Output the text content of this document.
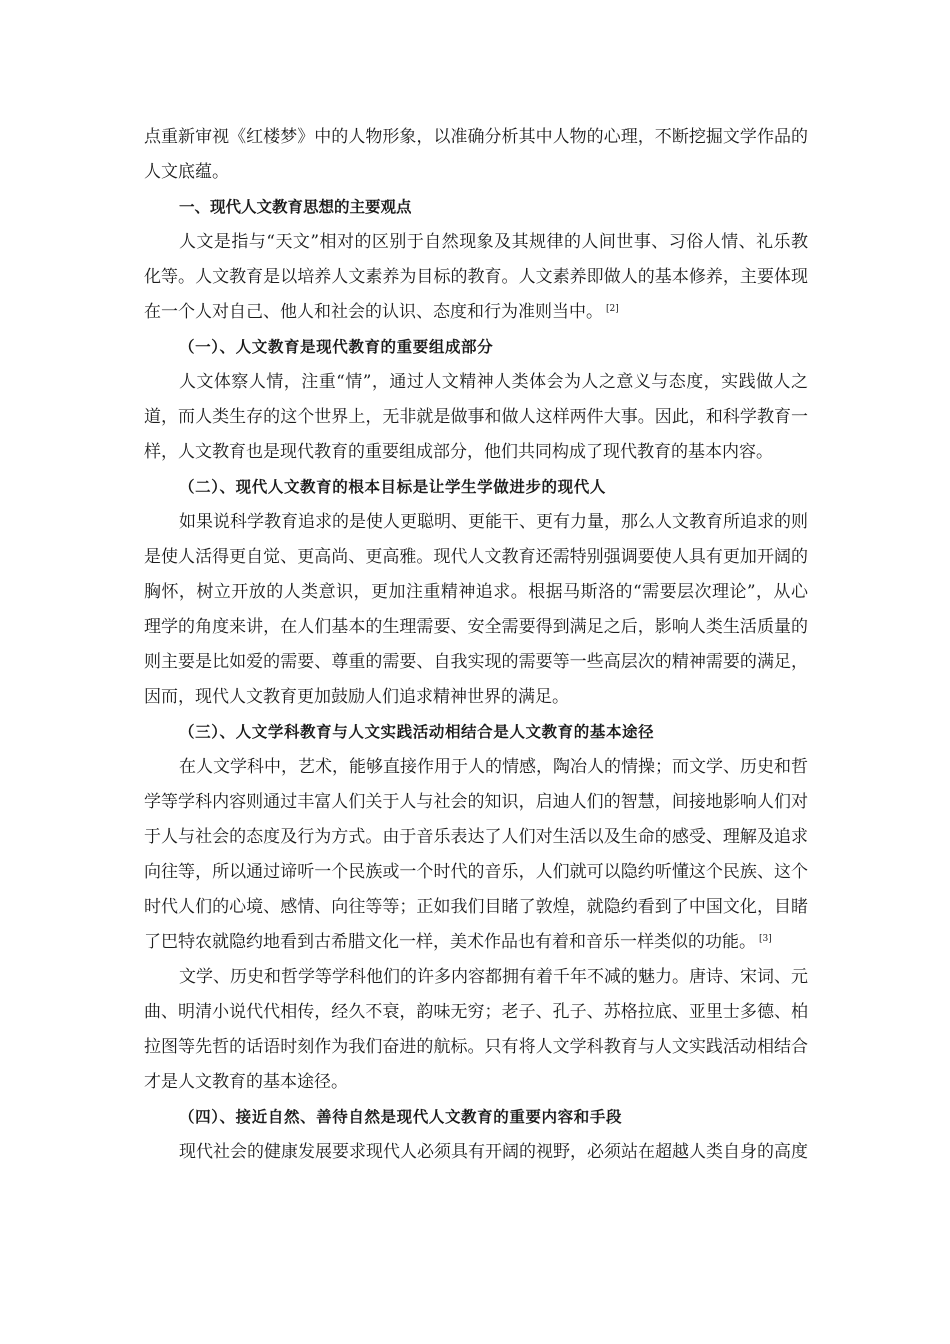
点重新审视《红楼梦》中的人物形象，以准确分析其中人物的心理，不断挖掘文学作品的
人文底蕴。
一、现代人文教育思想的主要观点
人文是指与“天文”相对的区别于自然现象及其规律的人间世事、习俗人情、礼乐教
化等。人文教育是以培养人文素养为目标的教育。人文素养即做人的基本修养，主要体现
在一个人对自己、他人和社会的认识、态度和行为准则当中。 [2]
（一）、人文教育是现代教育的重要组成部分
人文体察人情，注重“情”，通过人文精神人类体会为人之意义与态度，实践做人之
道，而人类生存的这个世界上，无非就是做事和做人这样两件大事。因此，和科学教育一
样，人文教育也是现代教育的重要组成部分，他们共同构成了现代教育的基本内容。
（二）、现代人文教育的根本目标是让学生学做进步的现代人
如果说科学教育追求的是使人更聪明、更能干、更有力量，那么人文教育所追求的则
是使人活得更自觉、更高尚、更高雅。现代人文教育还需特别强调要使人具有更加开阔的
胸怀，树立开放的人类意识，更加注重精神追求。根据马斯洛的“需要层次理论”，从心
理学的角度来讲，在人们基本的生理需要、安全需要得到满足之后，影响人类生活质量的
则主要是比如爱的需要、尊重的需要、自我实现的需要等一些高层次的精神需要的满足，
因而，现代人文教育更加鼓励人们追求精神世界的满足。
（三）、人文学科教育与人文实践活动相结合是人文教育的基本途径
在人文学科中，艺术，能够直接作用于人的情感，陶冶人的情操；而文学、历史和哲
学等学科内容则通过丰富人们关于人与社会的知识，启迪人们的智慧，间接地影响人们对
于人与社会的态度及行为方式。由于音乐表达了人们对生活以及生命的感受、理解及追求
向往等，所以通过谛听一个民族或一个时代的音乐，人们就可以隐约听懂这个民族、这个
时代人们的心境、感情、向往等等；正如我们目睹了敦煌，就隐约看到了中国文化，目睹
了巴特农就隐约地看到古希腊文化一样，美术作品也有着和音乐一样类似的功能。 [3]
文学、历史和哲学等学科他们的许多内容都拥有着千年不减的魅力。唐诗、宋词、元
曲、明清小说代代相传，经久不衰，韵味无穷；老子、孔子、苏格拉底、亚里士多德、柏
拉图等先哲的话语时刻作为我们奋进的航标。只有将人文学科教育与人文实践活动相结合
才是人文教育的基本途径。
（四）、接近自然、善待自然是现代人文教育的重要内容和手段
现代社会的健康发展要求现代人必须具有开阔的视野，必须站在超越人类自身的高度
